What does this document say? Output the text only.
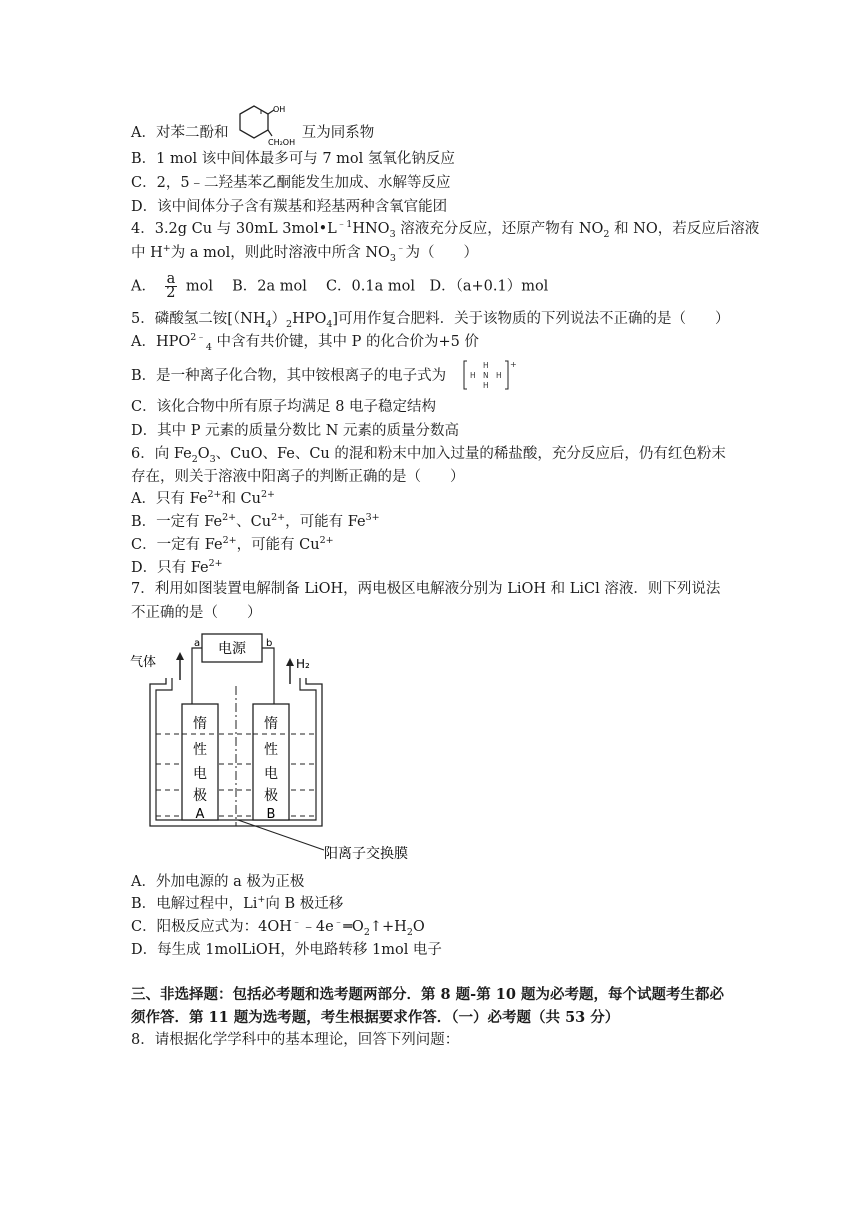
A．对苯二酚和	互为同系物
OH
CH₂OH
B．1 mol 该中间体最多可与 7 mol 氢氧化钠反应
C．2，5﹣二羟基苯乙酮能发生加成、水解等反应
D．该中间体分子含有羰基和羟基两种含氧官能团
4．3.2g Cu 与 30mL $3mol•L^{﹣1}HNO_3$ 溶液充分反应，还原产物有 $NO_2$ 和 NO，若反应后溶液
中 H+为 a mol，则此时溶液中所含 $NO_3^﹣$为（　　）
A． $\frac{a}{2}$ mol　 B．2a mol　 C．0.1a mol　D．（a+0.1）mol
5．磷酸氢二铵$[(NH_4)_2HPO_4]$可用作复合肥料．关于该物质的下列说法不正确的是（　　）
A．$HPO^{2﹣}_4$ 中含有共价键，其中 P 的化合价为+5 价
B．是一种离子化合物，其中铵根离子的电子式为
H
H N H
H
+
C．该化合物中所有原子均满足 8 电子稳定结构
D．其中 P 元素的质量分数比 N 元素的质量分数高
6．向 $Fe_2O_3$、CuO、Fe、Cu 的混和粉末中加入过量的稀盐酸，充分反应后，仍有红色粉末
存在，则关于溶液中阳离子的判断正确的是（　　）
A．只有 $Fe^{2+}$和 $Cu^{2+}$
B．一定有 $Fe^{2+}$、$Cu^{2+}$，可能有 $Fe^{3+}$
C．一定有 $Fe^{2+}$，可能有 $Cu^{2+}$
D．只有 $Fe^{2+}$
7．利用如图装置电解制备 LiOH，两电极区电解液分别为 LiOH 和 LiCl 溶液．则下列说法
不正确的是（　　）
电源
a	b
气体	H₂
惰
性
电
极
A
惰
性
电
极
B
阳离子交换膜
A．外加电源的 a 极为正极
B．电解过程中，Li+向 B 极迁移
C．阳极反应式为：$4OH^﹣﹣4e^﹣═O_2↑+H_2O$
D．每生成 1molLiOH，外电路转移 1mol 电子
三、非选择题：包括必考题和选考题两部分．第 8 题-第 10 题为必考题，每个试题考生都必
须作答．第 11 题为选考题，考生根据要求作答．（一）必考题（共 53 分）
8．请根据化学学科中的基本理论，回答下列问题：
